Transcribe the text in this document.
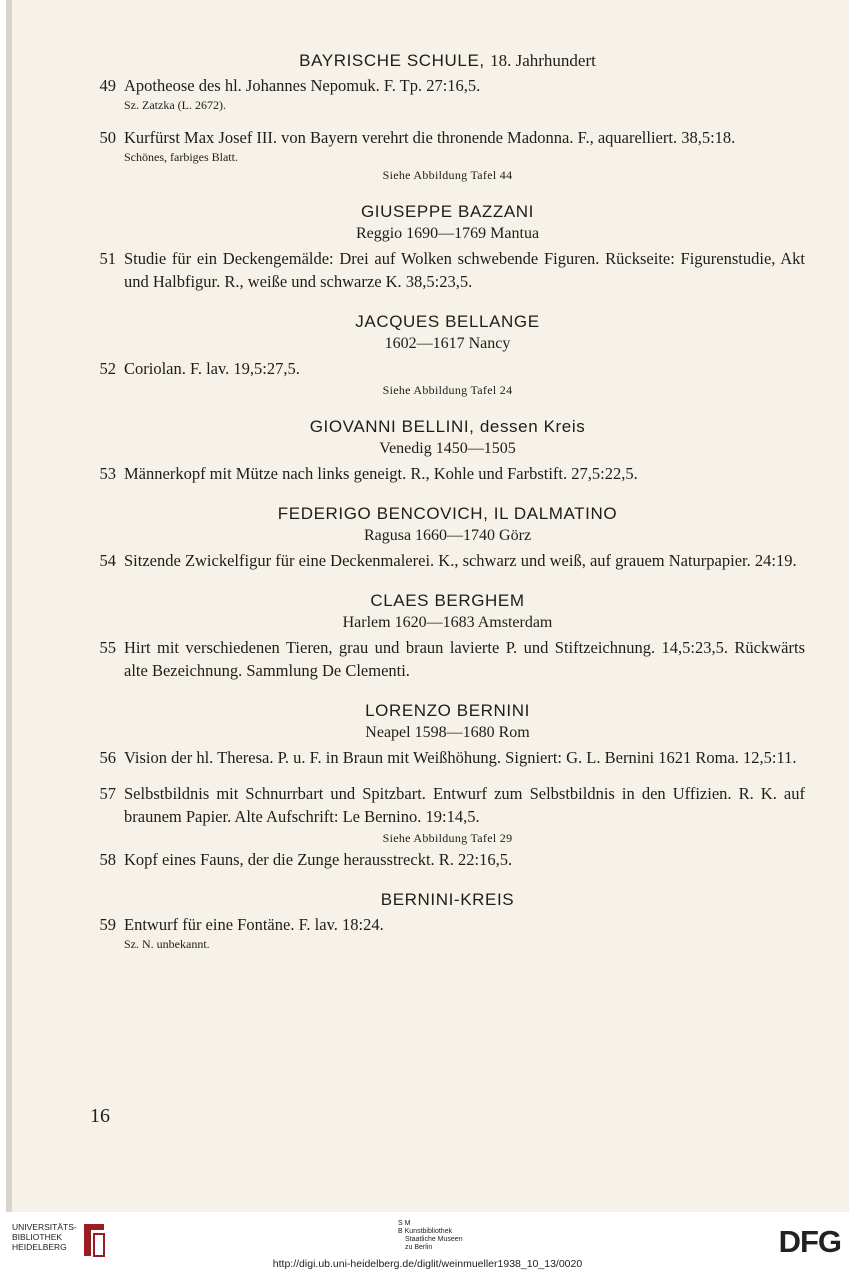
BAYRISCHE SCHULE, 18. Jahrhundert
49 Apotheose des hl. Johannes Nepomuk. F. Tp. 27:16,5.
Sz. Zatzka (L. 2672).
50 Kurfürst Max Josef III. von Bayern verehrt die thronende Madonna. F., aquarelliert. 38,5:18.
Schönes, farbiges Blatt.
Siehe Abbildung Tafel 44
GIUSEPPE BAZZANI
Reggio 1690—1769 Mantua
51 Studie für ein Deckengemälde: Drei auf Wolken schwebende Figuren. Rückseite: Figurenstudie, Akt und Halbfigur. R., weiße und schwarze K. 38,5:23,5.
JACQUES BELLANGE
1602—1617 Nancy
52 Coriolan. F. lav. 19,5:27,5.
Siehe Abbildung Tafel 24
GIOVANNI BELLINI, dessen Kreis
Venedig 1450—1505
53 Männerkopf mit Mütze nach links geneigt. R., Kohle und Farbstift. 27,5:22,5.
FEDERIGO BENCOVICH, IL DALMATINO
Ragusa 1660—1740 Görz
54 Sitzende Zwickelfigur für eine Deckenmalerei. K., schwarz und weiß, auf grauem Naturpapier. 24:19.
CLAES BERGHEM
Harlem 1620—1683 Amsterdam
55 Hirt mit verschiedenen Tieren, grau und braun lavierte P. und Stiftzeichnung. 14,5:23,5. Rückwärts alte Bezeichnung. Sammlung De Clementi.
LORENZO BERNINI
Neapel 1598—1680 Rom
56 Vision der hl. Theresa. P. u. F. in Braun mit Weißhöhung. Signiert: G. L. Bernini 1621 Roma. 12,5:11.
57 Selbstbildnis mit Schnurrbart und Spitzbart. Entwurf zum Selbstbildnis in den Uffizien. R. K. auf braunem Papier. Alte Aufschrift: Le Bernino. 19:14,5.
Siehe Abbildung Tafel 29
58 Kopf eines Fauns, der die Zunge herausstreckt. R. 22:16,5.
BERNINI-KREIS
59 Entwurf für eine Fontäne. F. lav. 18:24.
Sz. N. unbekannt.
16
UNIVERSITÄTS-
BIBLIOTHEK
HEIDELBERG
S M
B Kunstbibliothek
Staatliche Museen
zu Berlin	DFG
http://digi.ub.uni-heidelberg.de/diglit/weinmueller1938_10_13/0020
